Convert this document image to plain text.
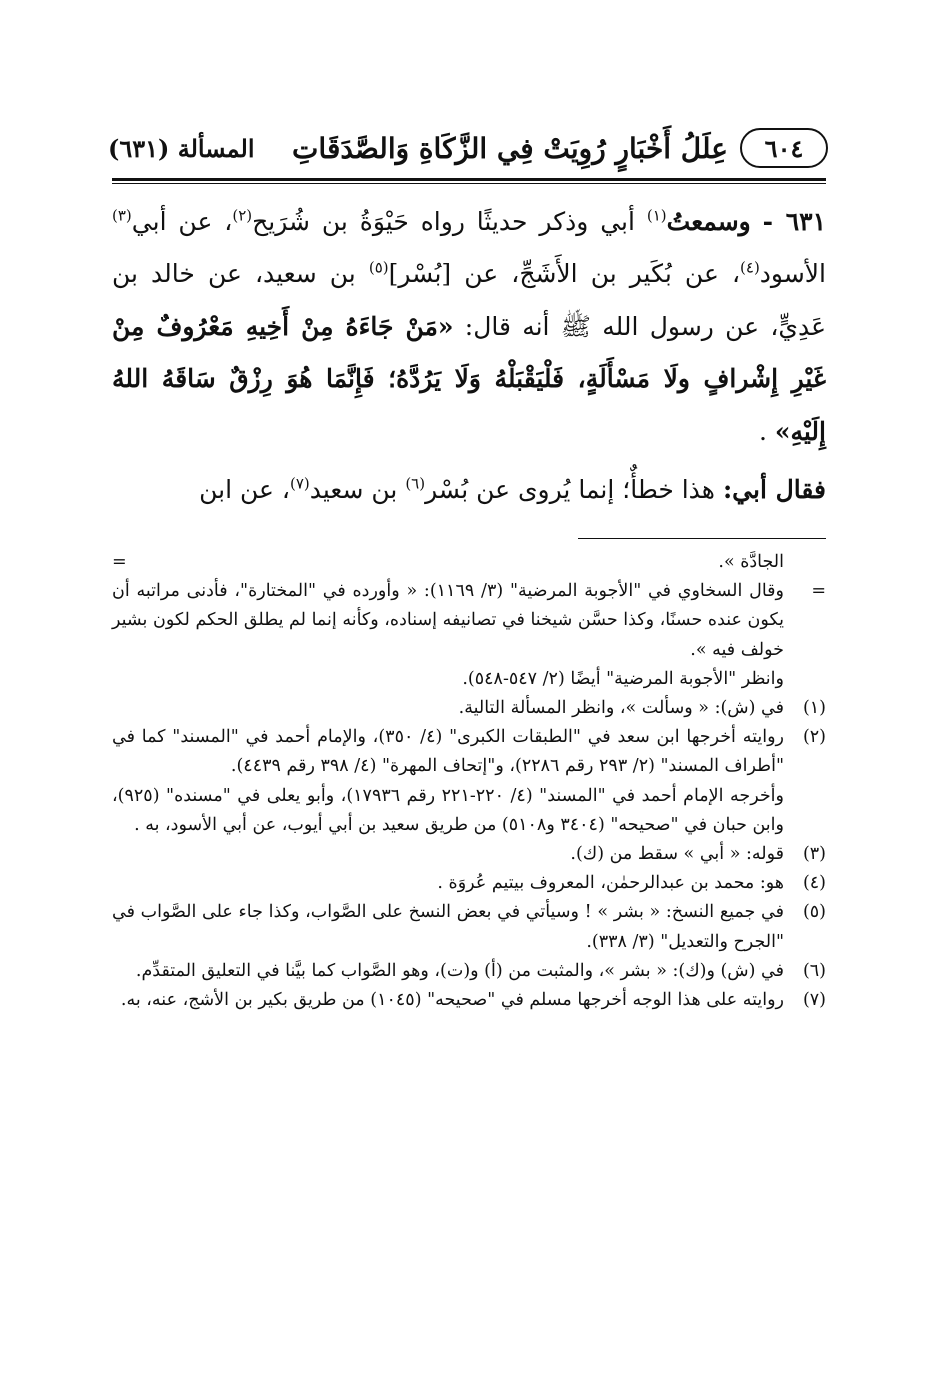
٦٠٤
عِلَلُ أَخْبَارٍ رُوِيَتْ فِي الزَّكَاةِ وَالصَّدَقَاتِ
المسألة (٦٣١)

٦٣١ - وسمعتُ$^{(١)}$ أبي وذكر حديثًا رواه حَيْوَةُ بن شُرَيح$^{(٢)}$، عن أبي$^{(٣)}$ الأسود$^{(٤)}$، عن بُكَير بن الأَشَجِّ، عن [بُسْر]$^{(٥)}$ بن سعيد، عن خالد بن عَدِيٍّ، عن رسول الله ﷺ أنه قال: «مَنْ جَاءَهُ مِنْ أَخِيهِ مَعْرُوفٌ مِنْ غَيْرِ إِشْرافٍ ولَا مَسْأَلَةٍ، فَلْيَقْبَلْهُ وَلَا يَرُدَّهُ؛ فَإِنَّمَا هُوَ رِزْقٌ سَاقَهُ اللهُ إِلَيْهِ» .

فقال أبي: هذا خطأٌ؛ إنما يُروى عن بُسْر$^{(٦)}$ بن سعيد$^{(٧)}$، عن ابن

الجادَّة ».
=
=
وقال السخاوي في "الأجوبة المرضية" (٣/ ١١٦٩): « وأورده في "المختارة"، فأدنى مراتبه أن يكون عنده حسنًا، وكذا حسَّن شيخنا في تصانيفه إسناده، وكأنه إنما لم يطلق الحكم لكون بشير خولف فيه ».
وانظر "الأجوبة المرضية" أيضًا (٢/ ٥٤٧-٥٤٨).
(١)
في (ش): « وسألت »، وانظر المسألة التالية.
(٢)
روايته أخرجها ابن سعد في "الطبقات الكبرى" (٤/ ٣٥٠)، والإمام أحمد في "المسند" كما في "أطراف المسند" (٢/ ٢٩٣ رقم ٢٢٨٦)، و"إتحاف المهرة" (٤/ ٣٩٨ رقم ٤٤٣٩).
وأخرجه الإمام أحمد في "المسند" (٤/ ٢٢٠-٢٢١ رقم ١٧٩٣٦)، وأبو يعلى في "مسنده" (٩٢٥)، وابن حبان في "صحيحه" (٣٤٠٤ و٥١٠٨) من طريق سعيد بن أبي أيوب، عن أبي الأسود، به .
(٣)
قوله: « أبي » سقط من (ك).
(٤)
هو: محمد بن عبدالرحمٰن، المعروف بيتيم عُروَة .
(٥)
في جميع النسخ: « بشر » ! وسيأتي في بعض النسخ على الصَّواب، وكذا جاء على الصَّواب في "الجرح والتعديل" (٣/ ٣٣٨).
(٦)
في (ش) و(ك): « بشر »، والمثبت من (أ) و(ت)، وهو الصَّواب كما بيَّنا في التعليق المتقدِّم.
(٧)
روايته على هذا الوجه أخرجها مسلم في "صحيحه" (١٠٤٥) من طريق بكير بن الأشج، عنه، به.
